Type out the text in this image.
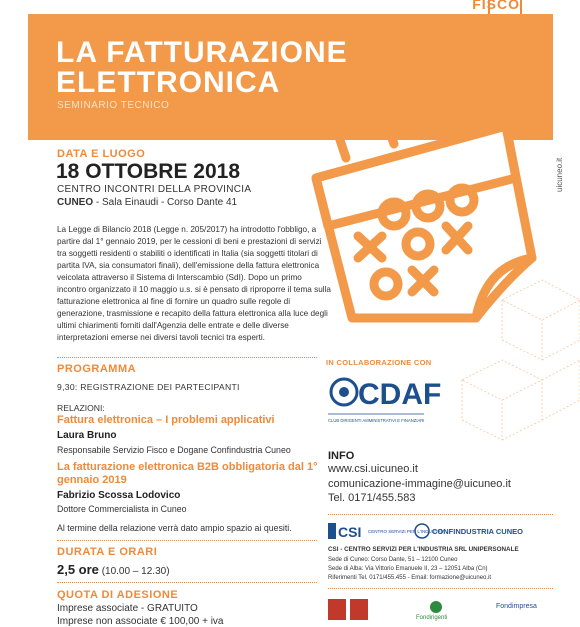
FISCO
LA FATTURAZIONE
ELETTRONICA
SEMINARIO TECNICO
uicuneo.it
DATA E LUOGO
18 OTTOBRE 2018
CENTRO INCONTRI DELLA PROVINCIA
CUNEO - Sala Einaudi - Corso Dante 41
La Legge di Bilancio 2018 (Legge n. 205/2017) ha introdotto l'obbligo, a partire dal 1° gennaio 2019, per le cessioni di beni e prestazioni di servizi tra soggetti residenti o stabiliti o identificati in Italia (sia soggetti titolari di partita IVA, sia consumatori finali), dell'emissione della fattura elettronica veicolata attraverso il Sistema di Interscambio (SdI). Dopo un primo incontro organizzato il 10 maggio u.s. si è pensato di riproporre il tema sulla fatturazione elettronica al fine di fornire un quadro sulle regole di generazione, trasmissione e recapito della fattura elettronica alla luce degli ultimi chiarimenti forniti dall'Agenzia delle entrate e delle diverse interpretazioni emerse nei diversi tavoli tecnici tra esperti.
PROGRAMMA
9,30: REGISTRAZIONE DEI PARTECIPANTI
RELAZIONI:
Fattura elettronica – I problemi applicativi
Laura Bruno
Responsabile Servizio Fisco e Dogane Confindustria Cuneo
La fatturazione elettronica B2B obbligatoria dal 1° gennaio 2019
Fabrizio Scossa Lodovico
Dottore Commercialista in Cuneo
Al termine della relazione verrà dato ampio spazio ai quesiti.
DURATA E ORARI
2,5 ore (10.00 – 12.30)
QUOTA DI ADESIONE
Imprese associate - GRATUITO
Imprese non associate € 100,00 + iva
IN COLLABORAZIONE CON
CDAF
CLUB DIRIGENTI AMMINISTRATIVI E FINANZIARI
INFO
www.csi.uicuneo.it
comunicazione-immagine@uicuneo.it
Tel. 0171/455.583
CSI CENTRO SERVIZI PER L'INDUSTRIA
CONFINDUSTRIA CUNEO
CSI - CENTRO SERVIZI PER L'INDUSTRIA SRL UNIPERSONALE
Sede di Cuneo: Corso Dante, 51 – 12100 Cuneo
Sede di Alba: Via Vittorio Emanuele II, 23 – 12051 Alba (Cn)
Riferimenti Tel. 0171/455.455 - Email: formazione@uicuneo.it
Fondirigenti
Fondimpresa
